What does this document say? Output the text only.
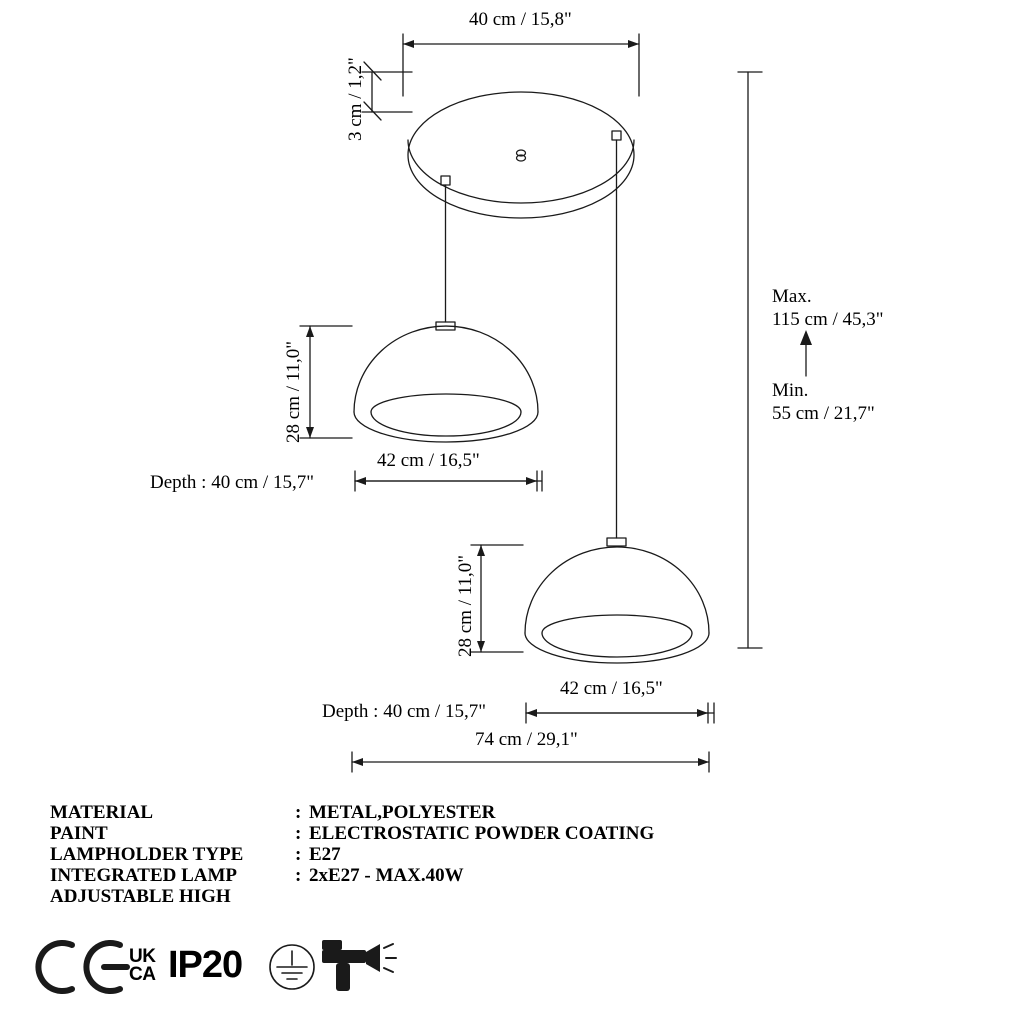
40 cm / 15,8"
3 cm / 1,2"
28 cm / 11,0"
42 cm / 16,5"
Depth : 40 cm / 15,7"
28 cm / 11,0"
42 cm / 16,5"
Depth : 40 cm / 15,7"
74 cm / 29,1"
Max.
115 cm / 45,3"
Min.
55 cm / 21,7"
MATERIAL	: METAL,POLYESTER
PAINT	: ELECTROSTATIC POWDER COATING
LAMPHOLDER TYPE	: E27
INTEGRATED LAMP	: 2xE27 - MAX.40W
ADJUSTABLE HIGH
UK
CA IP20
